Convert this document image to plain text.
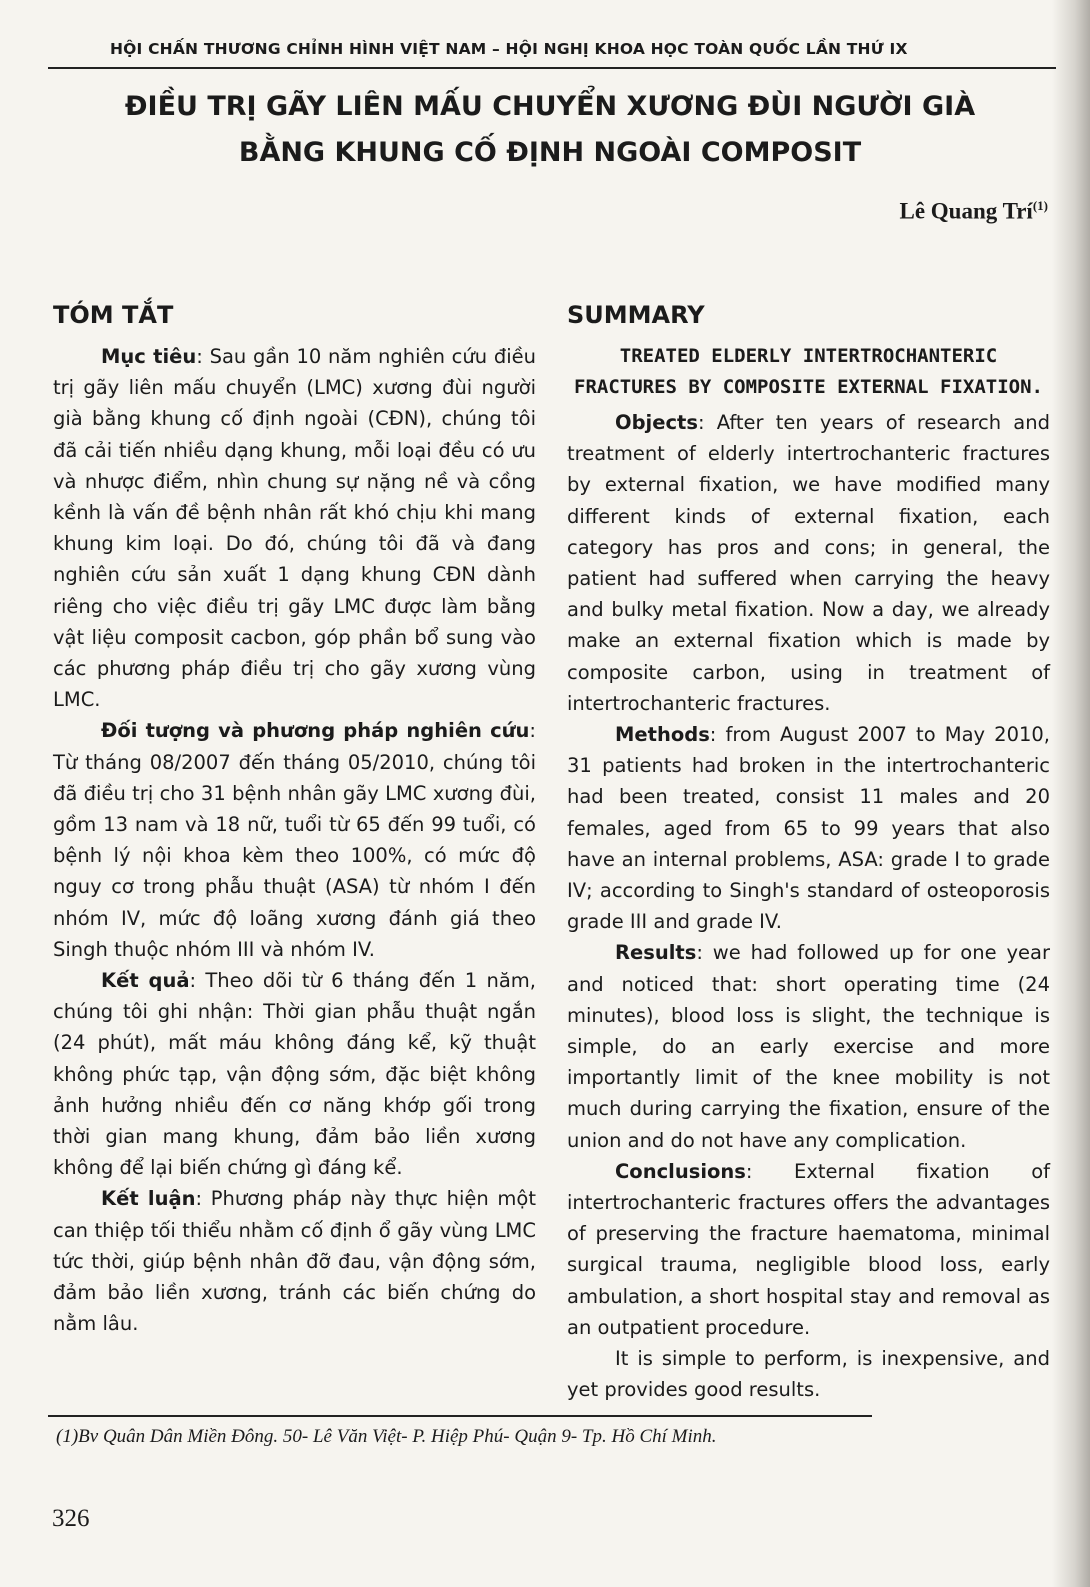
HỘI CHẤN THƯƠNG CHỈNH HÌNH VIỆT NAM – HỘI NGHỊ KHOA HỌC TOÀN QUỐC LẦN THỨ IX
ĐIỀU TRỊ GÃY LIÊN MẤU CHUYỂN XƯƠNG ĐÙI NGƯỜI GIÀ
BẰNG KHUNG CỐ ĐỊNH NGOÀI COMPOSIT
Lê Quang Trí$^{(1)}$
TÓM TẮT

Mục tiêu: Sau gần 10 năm nghiên cứu điều trị gãy liên mấu chuyển (LMC) xương đùi người già bằng khung cố định ngoài (CĐN), chúng tôi đã cải tiến nhiều dạng khung, mỗi loại đều có ưu và nhược điểm, nhìn chung sự nặng nề và cồng kềnh là vấn đề bệnh nhân rất khó chịu khi mang khung kim loại. Do đó, chúng tôi đã và đang nghiên cứu sản xuất 1 dạng khung CĐN dành riêng cho việc điều trị gãy LMC được làm bằng vật liệu composit cacbon, góp phần bổ sung vào các phương pháp điều trị cho gãy xương vùng LMC.

Đối tượng và phương pháp nghiên cứu: Từ tháng 08/2007 đến tháng 05/2010, chúng tôi đã điều trị cho 31 bệnh nhân gãy LMC xương đùi, gồm 13 nam và 18 nữ, tuổi từ 65 đến 99 tuổi, có bệnh lý nội khoa kèm theo 100%, có mức độ nguy cơ trong phẫu thuật (ASA) từ nhóm I đến nhóm IV, mức độ loãng xương đánh giá theo Singh thuộc nhóm III và nhóm IV.

Kết quả: Theo dõi từ 6 tháng đến 1 năm, chúng tôi ghi nhận: Thời gian phẫu thuật ngắn (24 phút), mất máu không đáng kể, kỹ thuật không phức tạp, vận động sớm, đặc biệt không ảnh hưởng nhiều đến cơ năng khớp gối trong thời gian mang khung, đảm bảo liền xương không để lại biến chứng gì đáng kể.

Kết luận: Phương pháp này thực hiện một can thiệp tối thiểu nhằm cố định ổ gãy vùng LMC tức thời, giúp bệnh nhân đỡ đau, vận động sớm, đảm bảo liền xương, tránh các biến chứng do nằm lâu.

SUMMARY
TREATED ELDERLY INTERTROCHANTERIC FRACTURES BY COMPOSITE EXTERNAL FIXATION.

Objects: After ten years of research and treatment of elderly intertrochanteric fractures by external fixation, we have modified many different kinds of external fixation, each category has pros and cons; in general, the patient had suffered when carrying the heavy and bulky metal fixation. Now a day, we already make an external fixation which is made by composite carbon, using in treatment of intertrochanteric fractures.

Methods: from August 2007 to May 2010, 31 patients had broken in the intertrochanteric had been treated, consist 11 males and 20 females, aged from 65 to 99 years that also have an internal problems, ASA: grade I to grade IV; according to Singh's standard of osteoporosis grade III and grade IV.

Results: we had followed up for one year and noticed that: short operating time (24 minutes), blood loss is slight, the technique is simple, do an early exercise and more importantly limit of the knee mobility is not much during carrying the fixation, ensure of the union and do not have any complication.

Conclusions: External fixation of intertrochanteric fractures offers the advantages of preserving the fracture haematoma, minimal surgical trauma, negligible blood loss, early ambulation, a short hospital stay and removal as an outpatient procedure.

It is simple to perform, is inexpensive, and yet provides good results.

(1)Bv Quân Dân Miền Đông. 50- Lê Văn Việt- P. Hiệp Phú- Quận 9- Tp. Hồ Chí Minh.
326
